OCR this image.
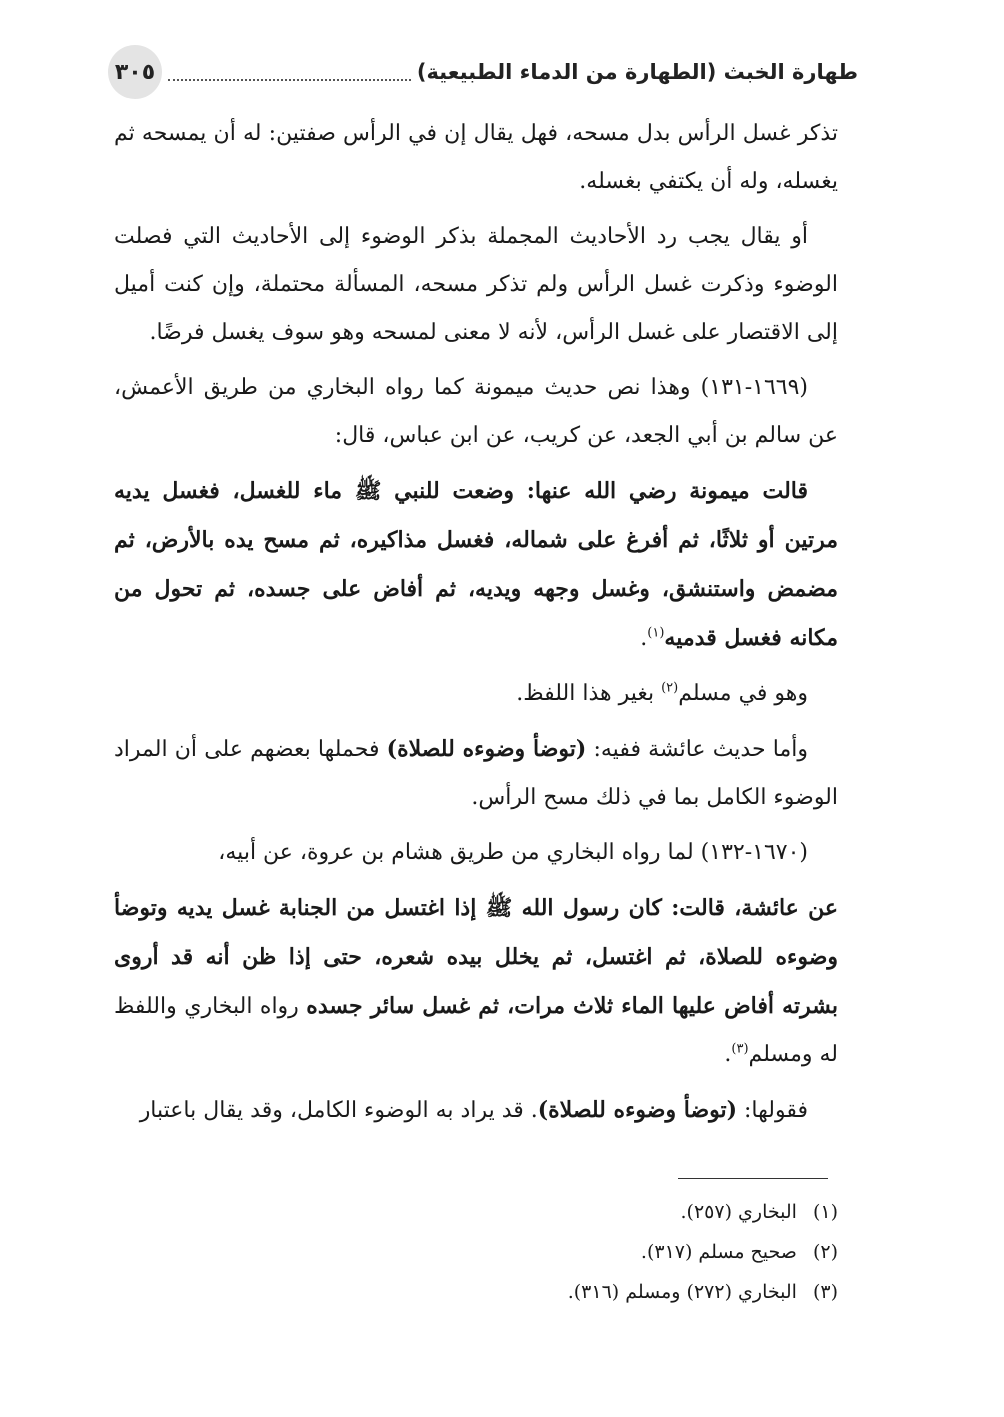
طهارة الخبث (الطهارة من الدماء الطبيعية)
٣٠٥

تذكر غسل الرأس بدل مسحه، فهل يقال إن في الرأس صفتين: له أن يمسحه ثم يغسله، وله أن يكتفي بغسله.

أو يقال يجب رد الأحاديث المجملة بذكر الوضوء إلى الأحاديث التي فصلت الوضوء وذكرت غسل الرأس ولم تذكر مسحه، المسألة محتملة، وإن كنت أميل إلى الاقتصار على غسل الرأس، لأنه لا معنى لمسحه وهو سوف يغسل فرضًا.

(١٦٦٩-١٣١) وهذا نص حديث ميمونة كما رواه البخاري من طريق الأعمش، عن سالم بن أبي الجعد، عن كريب، عن ابن عباس، قال:

قالت ميمونة رضي الله عنها: وضعت للنبي ﷺ ماء للغسل، فغسل يديه مرتين أو ثلاثًا، ثم أفرغ على شماله، فغسل مذاكيره، ثم مسح يده بالأرض، ثم مضمض واستنشق، وغسل وجهه ويديه، ثم أفاض على جسده، ثم تحول من مكانه فغسل قدميه$^{(١)}$.

وهو في مسلم$^{(٢)}$ بغير هذا اللفظ.

وأما حديث عائشة ففيه: (توضأ وضوءه للصلاة) فحملها بعضهم على أن المراد الوضوء الكامل بما في ذلك مسح الرأس.

(١٦٧٠-١٣٢) لما رواه البخاري من طريق هشام بن عروة، عن أبيه،

عن عائشة، قالت: كان رسول الله ﷺ إذا اغتسل من الجنابة غسل يديه وتوضأ وضوءه للصلاة، ثم اغتسل، ثم يخلل بيده شعره، حتى إذا ظن أنه قد أروى بشرته أفاض عليها الماء ثلاث مرات، ثم غسل سائر جسده رواه البخاري واللفظ له ومسلم$^{(٣)}$.

فقولها: (توضأ وضوءه للصلاة). قد يراد به الوضوء الكامل، وقد يقال باعتبار

(١)البخاري (٢٥٧).
(٢)صحيح مسلم (٣١٧).
(٣)البخاري (٢٧٢) ومسلم (٣١٦).
